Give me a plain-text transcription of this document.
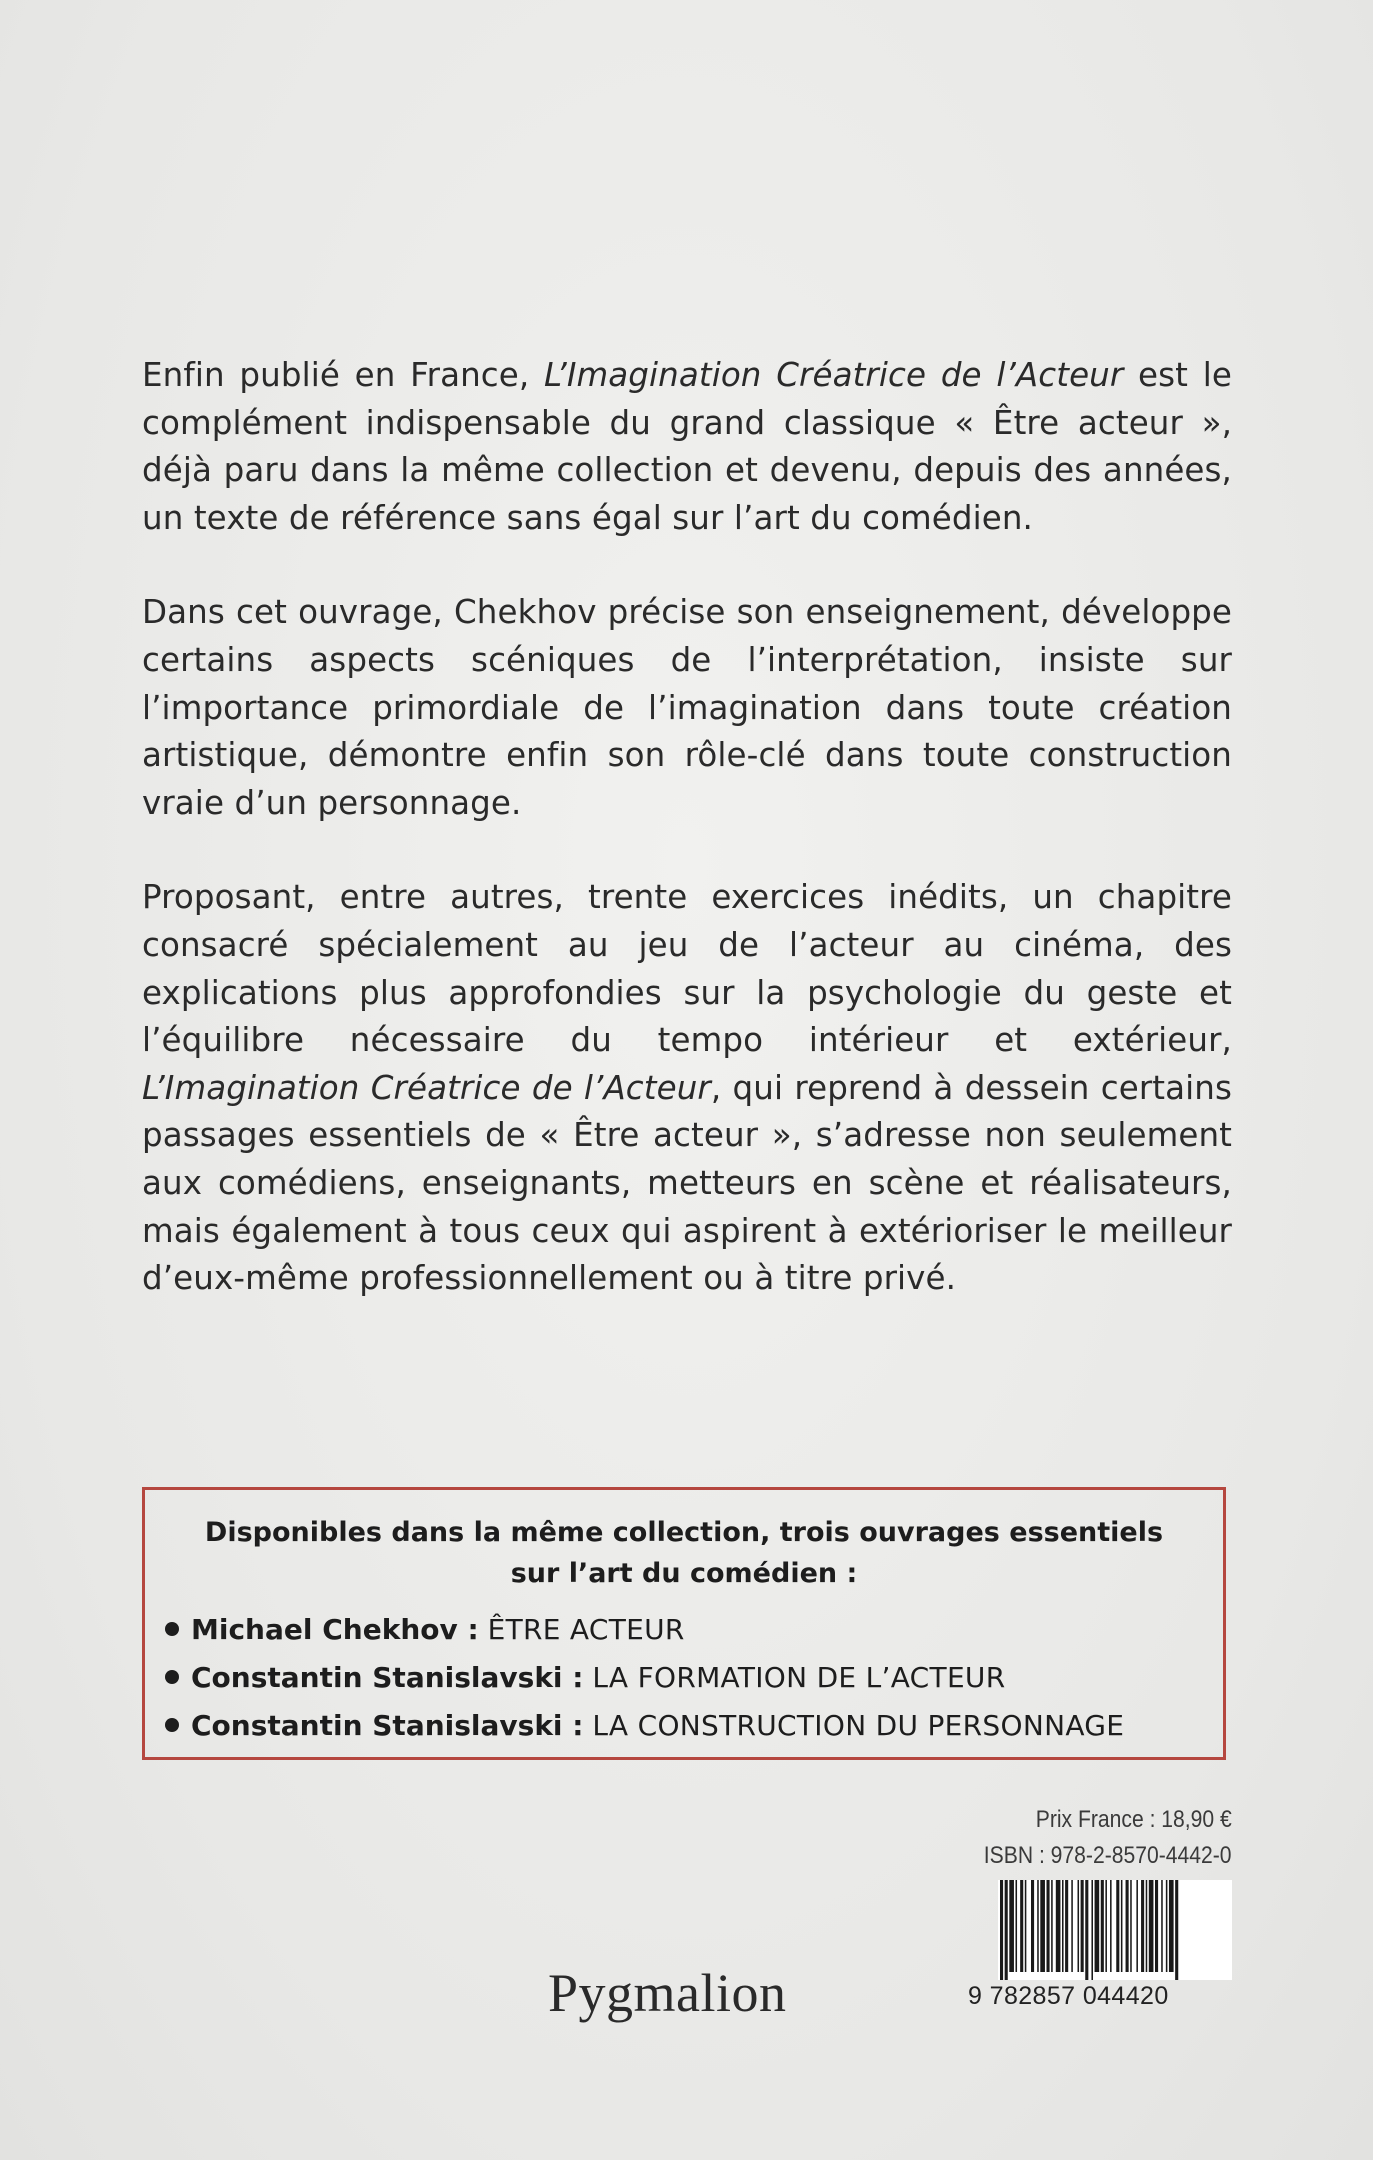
Enfin publié en France, L’Imagination Créatrice de l’Acteur est le complément indispensable du grand classique « Être acteur », déjà paru dans la même collection et devenu, depuis des années, un texte de référence sans égal sur l’art du comédien.

Dans cet ouvrage, Chekhov précise son enseignement, développe certains aspects scéniques de l’interprétation, insiste sur l’importance primordiale de l’imagination dans toute création artistique, démontre enfin son rôle-clé dans toute construction vraie d’un personnage.

Proposant, entre autres, trente exercices inédits, un chapitre consacré spécialement au jeu de l’acteur au cinéma, des explications plus approfondies sur la psychologie du geste et l’équilibre nécessaire du tempo intérieur et extérieur, L’Imagination Créatrice de l’Acteur, qui reprend à dessein certains passages essentiels de « Être acteur », s’adresse non seulement aux comédiens, enseignants, metteurs en scène et réalisateurs, mais également à tous ceux qui aspirent à extérioriser le meilleur d’eux-même professionnellement ou à titre privé.

Disponibles dans la même collection, trois ouvrages essentiels
sur l’art du comédien :
Michael Chekhov : ÊTRE ACTEUR
Constantin Stanislavski : LA FORMATION DE L’ACTEUR
Constantin Stanislavski : LA CONSTRUCTION DU PERSONNAGE
Prix France : 18,90 €
ISBN : 978-2-8570-4442-0
9 782857 044420
Pygmalion
